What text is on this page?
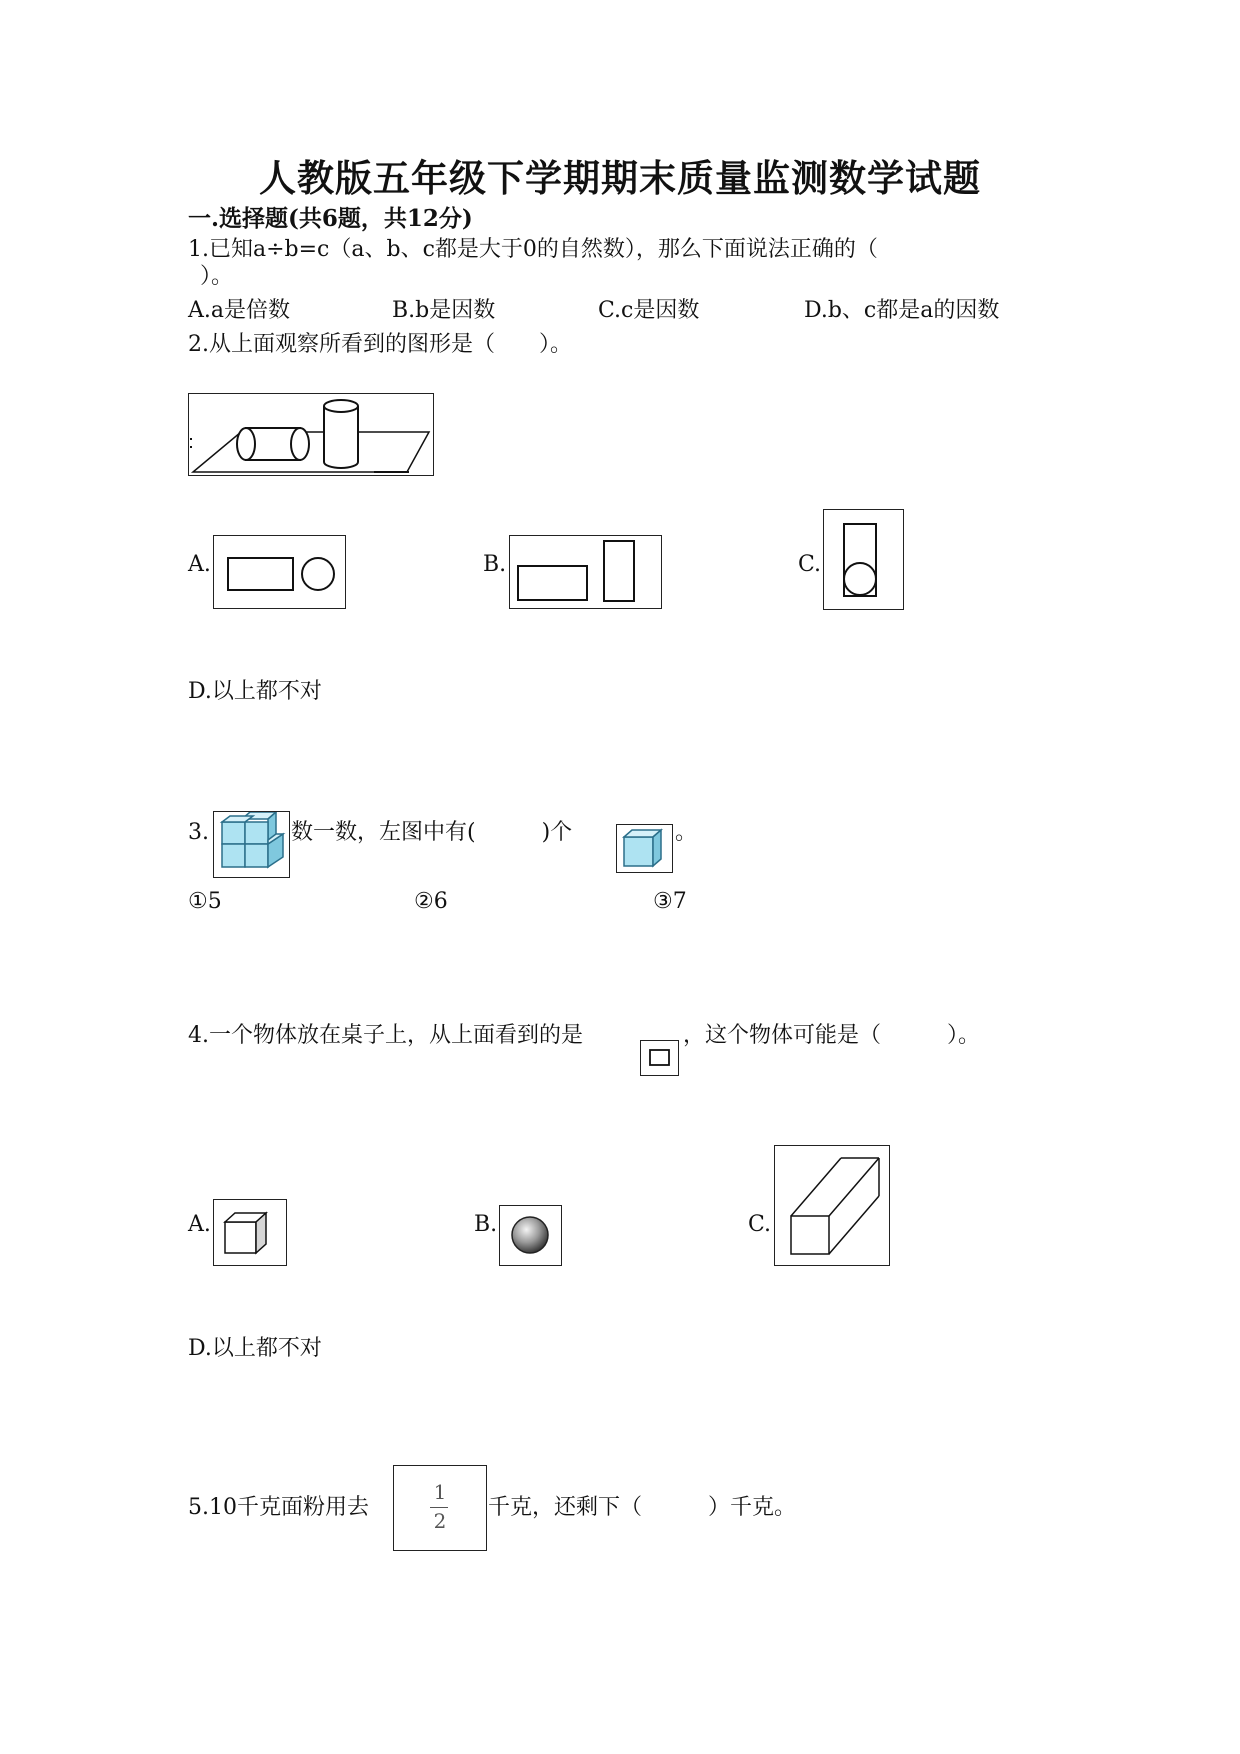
人教版五年级下学期期末质量监测数学试题
一.选择题(共6题，共12分)
1.已知a÷b=c（a、b、c都是大于0的自然数），那么下面说法正确的（
）。
A.a是倍数	B.b是因数	C.c是因数	D.b、c都是a的因数
2.从上面观察所看到的图形是（　　）。
A.	B.	C.
D.以上都不对
3.	数一数，左图中有(　　　)个	。
①5	②6	③7
4.一个物体放在桌子上，从上面看到的是	，这个物体可能是（　　　）。
A.	B.	C.
D.以上都不对
5.10千克面粉用去
1
2
千克，还剩下（　　　）千克。
